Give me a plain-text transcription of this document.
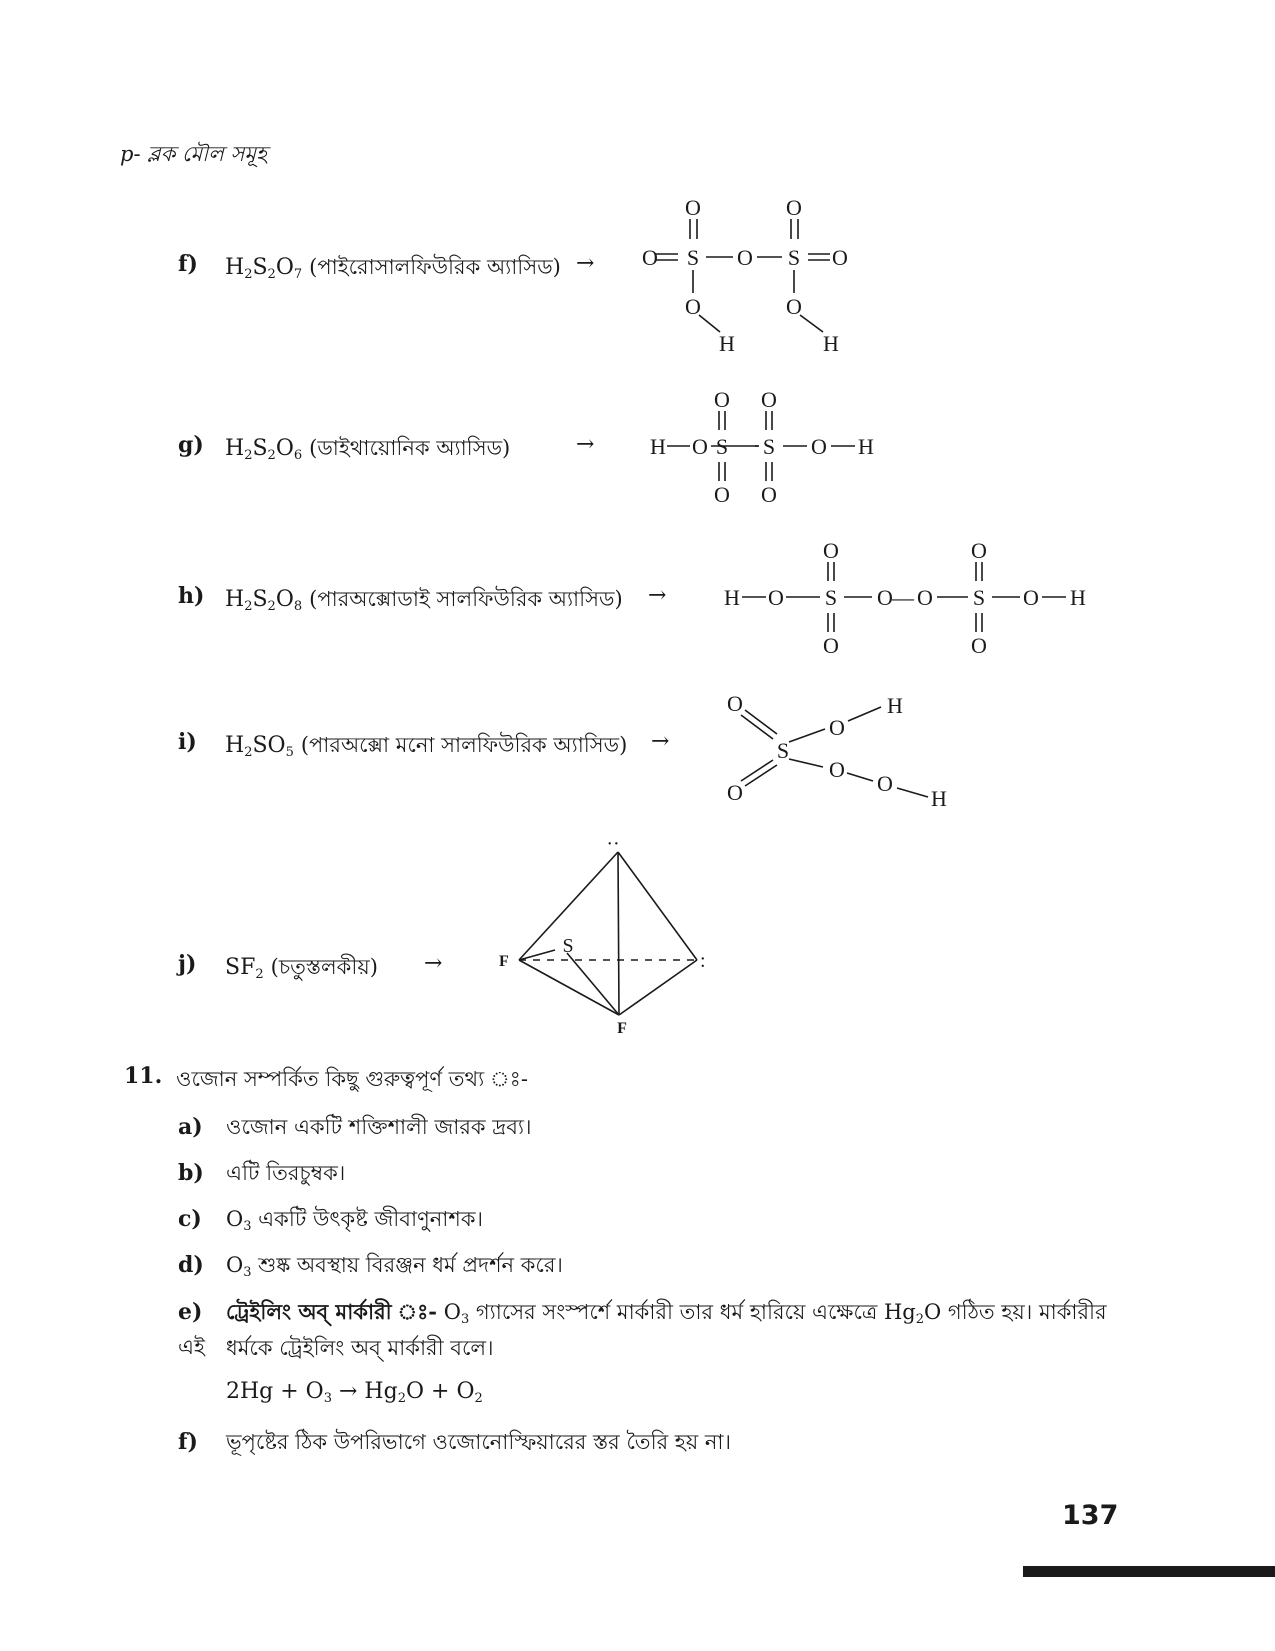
p- ব্লক মৌল সমূহ
f) $H_2S_2O_7$ (পাইরোসালফিউরিক অ্যাসিড) →
O	O
O S O S O
O	O
H	H
g) $H_2S_2O_6$ (ডাইথায়োনিক অ্যাসিড)	→
O O
H O S S O H
O O
h) $H_2S_2O_8$ (পারঅক্সোডাই সালফিউরিক অ্যাসিড) →
O	O
H O S O — O S O H
O	O
i) $H_2SO_5$ (পারঅক্সো মনো সালফিউরিক অ্যাসিড) →
O
O
S
O
H
O
O
H
j) $SF_2$ (চতুস্তলকীয়) →
··
F
S
:
F
11. ওজোন সম্পর্কিত কিছু গুরুত্বপূর্ণ তথ্য ঃ-
a) ওজোন একটি শক্তিশালী জারক দ্রব্য।
b) এটি তিরচুম্বক।
c) $O_3$ একটি উৎকৃষ্ট জীবাণুনাশক।
d) $O_3$ শুষ্ক অবস্থায় বিরঞ্জন ধর্ম প্রদর্শন করে।
e) ট্রেইলিং অব্ মার্কারী ঃ- $O_3$ গ্যাসের সংস্পর্শে মার্কারী তার ধর্ম হারিয়ে এক্ষেত্রে $Hg_2O$ গঠিত হয়। মার্কারীর এই	ধর্মকে ট্রেইলিং অব্ মার্কারী বলে।
$2Hg + O_3 \to Hg_2O + O_2$
f) ভূপৃষ্টের ঠিক উপরিভাগে ওজোনোস্ফিয়ারের স্তর তৈরি হয় না।
137
